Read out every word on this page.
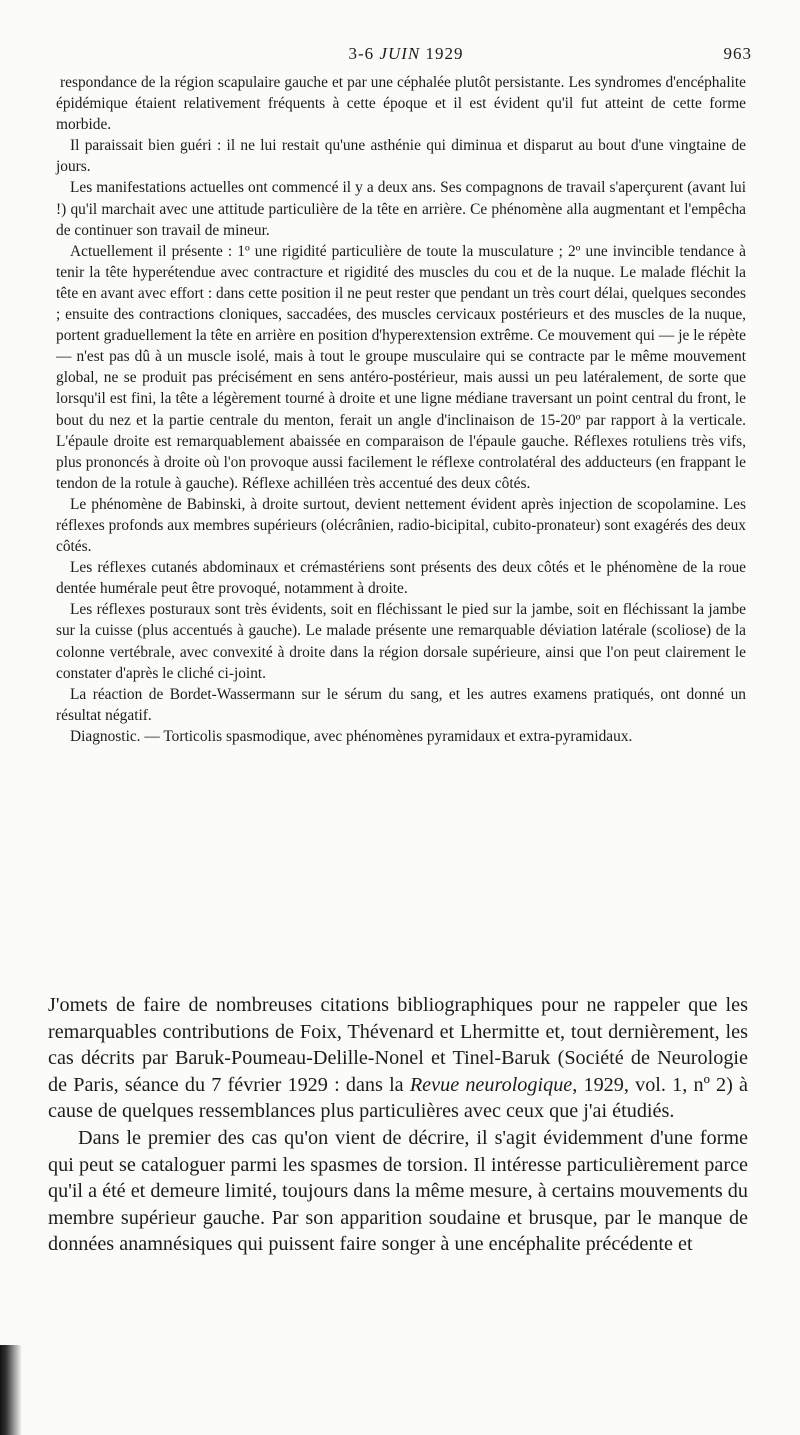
3-6 JUIN 1929	963

respondance de la région scapulaire gauche et par une céphalée plutôt persistante. Les syndromes d'encéphalite épidémique étaient relativement fréquents à cette époque et il est évident qu'il fut atteint de cette forme morbide.

Il paraissait bien guéri : il ne lui restait qu'une asthénie qui diminua et disparut au bout d'une vingtaine de jours.

Les manifestations actuelles ont commencé il y a deux ans. Ses compagnons de travail s'aperçurent (avant lui !) qu'il marchait avec une attitude particulière de la tête en arrière. Ce phénomène alla augmentant et l'empêcha de continuer son travail de mineur.

Actuellement il présente : 1º une rigidité particulière de toute la musculature ; 2º une invincible tendance à tenir la tête hyperétendue avec contracture et rigidité des muscles du cou et de la nuque. Le malade fléchit la tête en avant avec effort : dans cette position il ne peut rester que pendant un très court délai, quelques secondes ; ensuite des contractions cloniques, saccadées, des muscles cervicaux postérieurs et des muscles de la nuque, portent graduellement la tête en arrière en position d'hyperextension extrême. Ce mouvement qui — je le répète — n'est pas dû à un muscle isolé, mais à tout le groupe musculaire qui se contracte par le même mouvement global, ne se produit pas précisément en sens antéro-postérieur, mais aussi un peu latéralement, de sorte que lorsqu'il est fini, la tête a légèrement tourné à droite et une ligne médiane traversant un point central du front, le bout du nez et la partie centrale du menton, ferait un angle d'inclinaison de 15-20º par rapport à la verticale. L'épaule droite est remarquablement abaissée en comparaison de l'épaule gauche. Réflexes rotuliens très vifs, plus prononcés à droite où l'on provoque aussi facilement le réflexe controlatéral des adducteurs (en frappant le tendon de la rotule à gauche). Réflexe achilléen très accentué des deux côtés.

Le phénomène de Babinski, à droite surtout, devient nettement évident après injection de scopolamine. Les réflexes profonds aux membres supérieurs (olécrânien, radio-bicipital, cubito-pronateur) sont exagérés des deux côtés.

Les réflexes cutanés abdominaux et crémastériens sont présents des deux côtés et le phénomène de la roue dentée humérale peut être provoqué, notamment à droite.

Les réflexes posturaux sont très évidents, soit en fléchissant le pied sur la jambe, soit en fléchissant la jambe sur la cuisse (plus accentués à gauche). Le malade présente une remarquable déviation latérale (scoliose) de la colonne vertébrale, avec convexité à droite dans la région dorsale supérieure, ainsi que l'on peut clairement le constater d'après le cliché ci-joint.

La réaction de Bordet-Wassermann sur le sérum du sang, et les autres examens pratiqués, ont donné un résultat négatif.

Diagnostic. — Torticolis spasmodique, avec phénomènes pyramidaux et extra-pyramidaux.

J'omets de faire de nombreuses citations bibliographiques pour ne rappeler que les remarquables contributions de Foix, Thévenard et Lhermitte et, tout dernièrement, les cas décrits par Baruk-Poumeau-Delille-Nonel et Tinel-Baruk (Société de Neurologie de Paris, séance du 7 février 1929 : dans la Revue neurologique, 1929, vol. 1, nº 2) à cause de quelques ressemblances plus particulières avec ceux que j'ai étudiés.

Dans le premier des cas qu'on vient de décrire, il s'agit évidemment d'une forme qui peut se cataloguer parmi les spasmes de torsion. Il intéresse particulièrement parce qu'il a été et demeure limité, toujours dans la même mesure, à certains mouvements du membre supérieur gauche. Par son apparition soudaine et brusque, par le manque de données anamnésiques qui puissent faire songer à une encéphalite précédente et
